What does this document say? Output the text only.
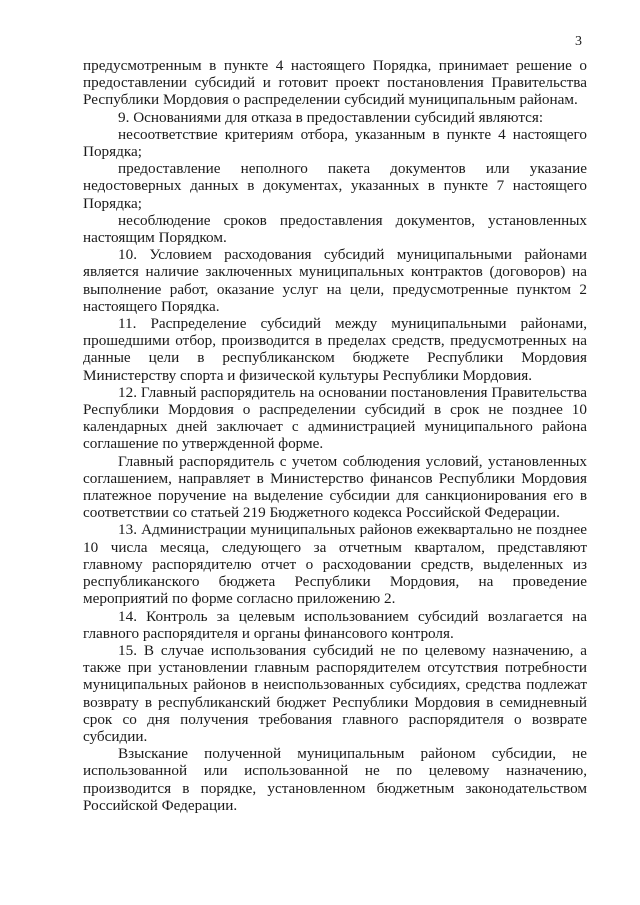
3

предусмотренным в пункте 4 настоящего Порядка, принимает решение о предоставлении субсидий и готовит проект постановления Правительства Республики Мордовия о распределении субсидий муниципальным районам.

9. Основаниями для отказа в предоставлении субсидий являются:

несоответствие критериям отбора, указанным в пункте 4 настоящего Порядка;

предоставление неполного пакета документов или указание недостоверных данных в документах, указанных в пункте 7 настоящего Порядка;

несоблюдение сроков предоставления документов, установленных настоящим Порядком.

10. Условием расходования субсидий муниципальными районами является наличие заключенных муниципальных контрактов (договоров) на выполнение работ, оказание услуг на цели, предусмотренные пунктом 2 настоящего Порядка.

11. Распределение субсидий между муниципальными районами, прошедшими отбор, производится в пределах средств, предусмотренных на данные цели в республиканском бюджете Республики Мордовия Министерству спорта и физической культуры Республики Мордовия.

12. Главный распорядитель на основании постановления Правительства Республики Мордовия о распределении субсидий в срок не позднее 10 календарных дней заключает с администрацией муниципального района соглашение по утвержденной форме.

Главный распорядитель с учетом соблюдения условий, установленных соглашением, направляет в Министерство финансов Республики Мордовия платежное поручение на выделение субсидии для санкционирования его в соответствии со статьей 219 Бюджетного кодекса Российской Федерации.

13. Администрации муниципальных районов ежеквартально не позднее 10 числа месяца, следующего за отчетным кварталом, представляют главному распорядителю отчет о расходовании средств, выделенных из республиканского бюджета Республики Мордовия, на проведение мероприятий по форме согласно приложению 2.

14. Контроль за целевым использованием субсидий возлагается на главного распорядителя и органы финансового контроля.

15. В случае использования субсидий не по целевому назначению, а также при установлении главным распорядителем отсутствия потребности муниципальных районов в неиспользованных субсидиях, средства подлежат возврату в республиканский бюджет Республики Мордовия в семидневный срок со дня получения требования главного распорядителя о возврате субсидии.

Взыскание полученной муниципальным районом субсидии, не использованной или использованной не по целевому назначению, производится в порядке, установленном бюджетным законодательством Российской Федерации.
